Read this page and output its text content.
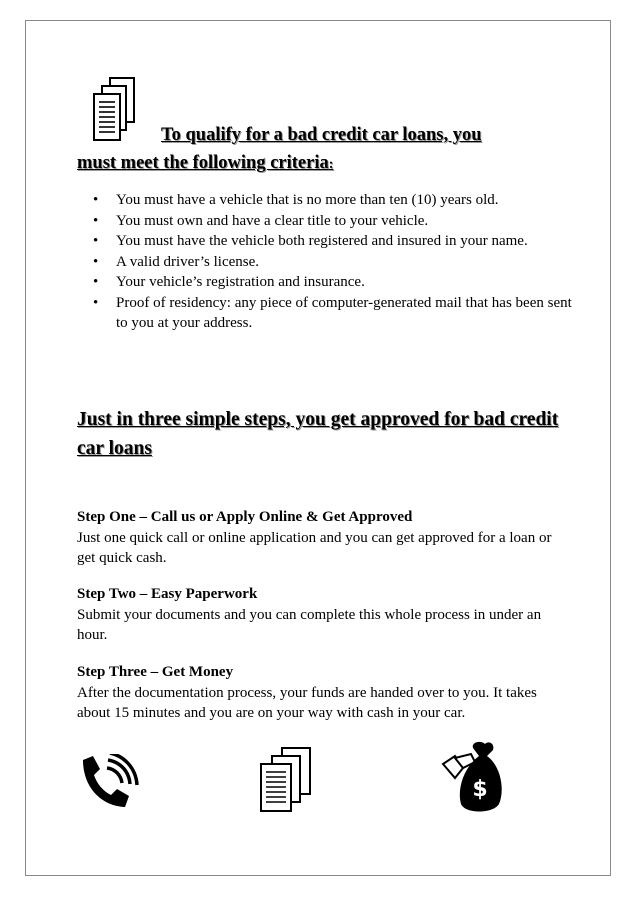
To qualify for a bad credit car loans, you
must meet the following criteria:
• You must have a vehicle that is no more than ten (10) years old.
• You must own and have a clear title to your vehicle.
• You must have the vehicle both registered and insured in your name.
• A valid driver’s license.
• Your vehicle’s registration and insurance.
• Proof of residency: any piece of computer-generated mail that has been sent to you at your address.
Just in three simple steps, you get approved for bad credit car loans
Step One – Call us or Apply Online & Get Approved
Just one quick call or online application and you can get approved for a loan or get quick cash.
Step Two – Easy Paperwork
Submit your documents and you can complete this whole process in under an hour.
Step Three – Get Money
After the documentation process, your funds are handed over to you. It takes about 15 minutes and you are on your way with cash in your car.
$
